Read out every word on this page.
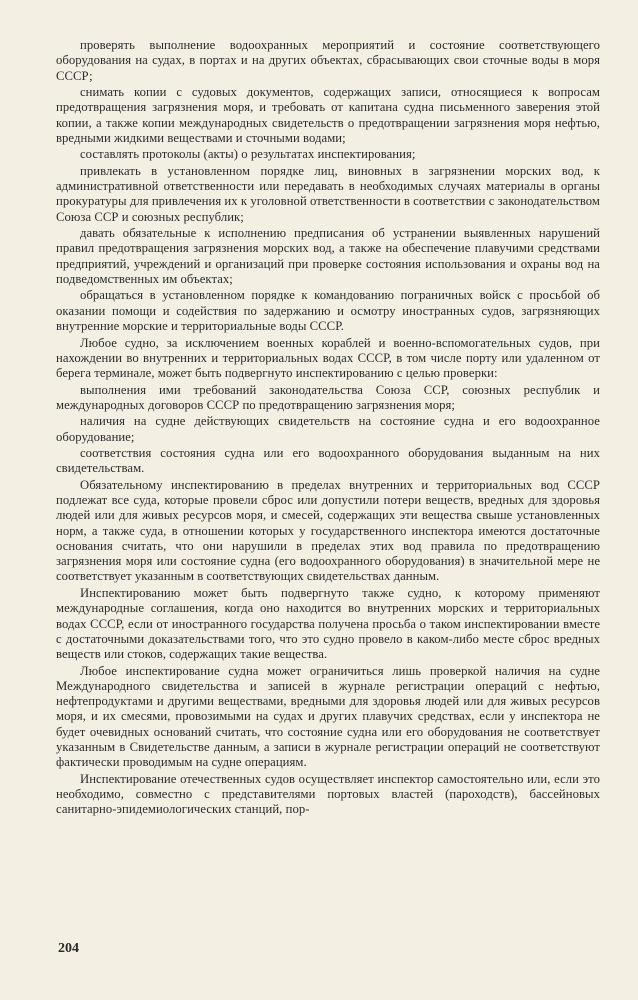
проверять выполнение водоохранных мероприятий и состояние соответствующего оборудования на судах, в портах и на других объектах, сбрасывающих свои сточные воды в моря СССР;

снимать копии с судовых документов, содержащих записи, относящиеся к вопросам предотвращения загрязнения моря, и требовать от капитана судна письменного заверения этой копии, а также копии международных свидетельств о предотвращении загрязнения моря нефтью, вредными жидкими веществами и сточными водами;

составлять протоколы (акты) о результатах инспектирования;

привлекать в установленном порядке лиц, виновных в загрязнении морских вод, к административной ответственности или передавать в необходимых случаях материалы в органы прокуратуры для привлечения их к уголовной ответственности в соответствии с законодательством Союза ССР и союзных республик;

давать обязательные к исполнению предписания об устранении выявленных нарушений правил предотвращения загрязнения морских вод, а также на обеспечение плавучими средствами предприятий, учреждений и организаций при проверке состояния использования и охраны вод на подведомственных им объектах;

обращаться в установленном порядке к командованию пограничных войск с просьбой об оказании помощи и содействия по задержанию и осмотру иностранных судов, загрязняющих внутренние морские и территориальные воды СССР.

Любое судно, за исключением военных кораблей и военно-вспомогательных судов, при нахождении во внутренних и территориальных водах СССР, в том числе порту или удаленном от берега терминале, может быть подвергнуто инспектированию с целью проверки:

выполнения ими требований законодательства Союза ССР, союзных республик и международных договоров СССР по предотвращению загрязнения моря;

наличия на судне действующих свидетельств на состояние судна и его водоохранное оборудование;

соответствия состояния судна или его водоохранного оборудования выданным на них свидетельствам.

Обязательному инспектированию в пределах внутренних и территориальных вод СССР подлежат все суда, которые провели сброс или допустили потери веществ, вредных для здоровья людей или для живых ресурсов моря, и смесей, содержащих эти вещества свыше установленных норм, а также суда, в отношении которых у государственного инспектора имеются достаточные основания считать, что они нарушили в пределах этих вод правила по предотвращению загрязнения моря или состояние судна (его водоохранного оборудования) в значительной мере не соответствует указанным в соответствующих свидетельствах данным.

Инспектированию может быть подвергнуто также судно, к которому применяют международные соглашения, когда оно находится во внутренних морских и территориальных водах СССР, если от иностранного государства получена просьба о таком инспектировании вместе с достаточными доказательствами того, что это судно провело в каком-либо месте сброс вредных веществ или стоков, содержащих такие вещества.

Любое инспектирование судна может ограничиться лишь проверкой наличия на судне Международного свидетельства и записей в журнале регистрации операций с нефтью, нефтепродуктами и другими веществами, вредными для здоровья людей или для живых ресурсов моря, и их смесями, провозимыми на судах и других плавучих средствах, если у инспектора не будет очевидных оснований считать, что состояние судна или его оборудования не соответствует указанным в Свидетельстве данным, а записи в журнале регистрации операций не соответствуют фактически проводимым на судне операциям.

Инспектирование отечественных судов осуществляет инспектор самостоятельно или, если это необходимо, совместно с представителями портовых властей (пароходств), бассейновых санитарно-эпидемиологических станций, пор-

204
